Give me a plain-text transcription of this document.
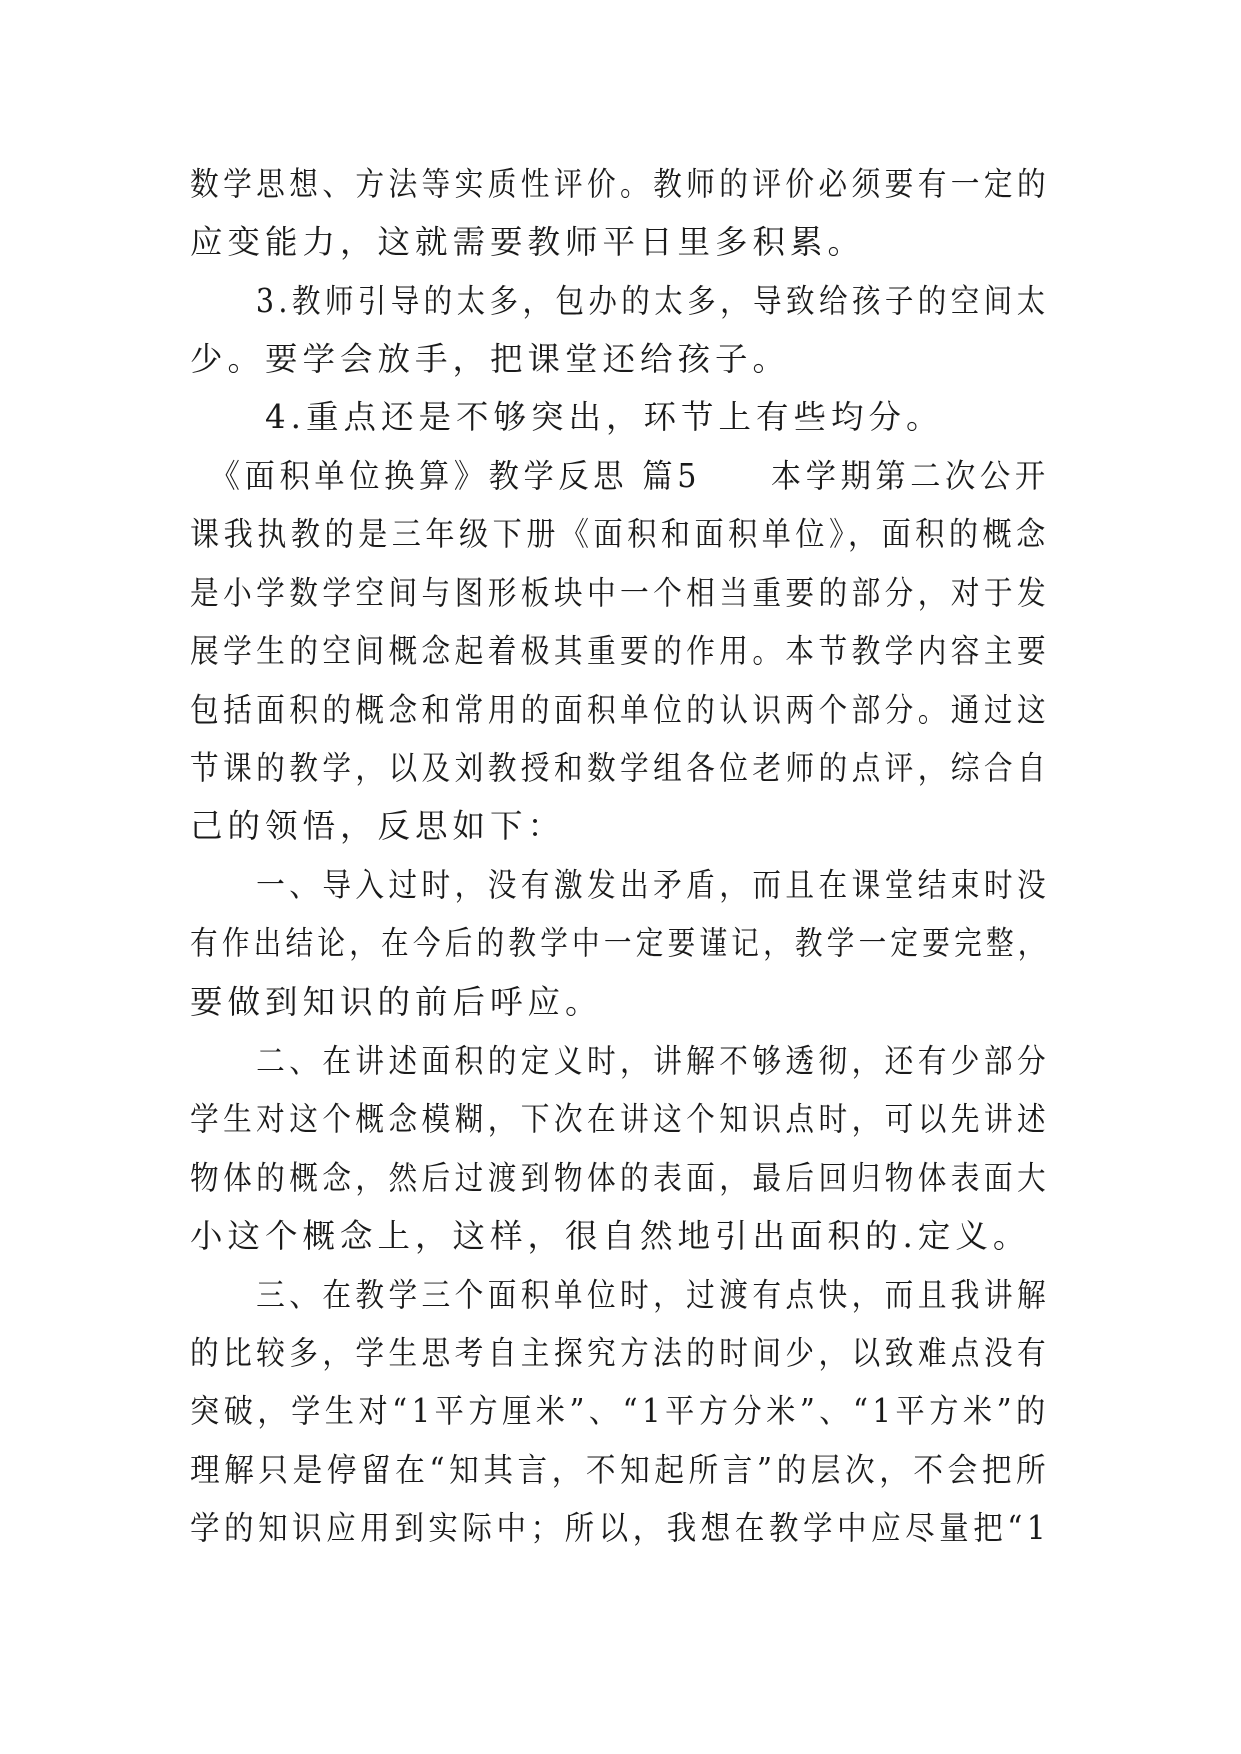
数学思想、方法等实质性评价。教师的评价必须要有一定的
应变能力，这就需要教师平日里多积累。
　　3.教师引导的太多，包办的太多，导致给孩子的空间太
少。要学会放手，把课堂还给孩子。
　　4.重点还是不够突出，环节上有些均分。
　《面积单位换算》教学反思 篇5　　本学期第二次公开
课我执教的是三年级下册《面积和面积单位》，面积的概念
是小学数学空间与图形板块中一个相当重要的部分，对于发
展学生的空间概念起着极其重要的作用。本节教学内容主要
包括面积的概念和常用的面积单位的认识两个部分。通过这
节课的教学，以及刘教授和数学组各位老师的点评，综合自
己的领悟，反思如下：
　　一、导入过时，没有激发出矛盾，而且在课堂结束时没
有作出结论，在今后的教学中一定要谨记，教学一定要完整，
要做到知识的前后呼应。
　　二、在讲述面积的定义时，讲解不够透彻，还有少部分
学生对这个概念模糊，下次在讲这个知识点时，可以先讲述
物体的概念，然后过渡到物体的表面，最后回归物体表面大
小这个概念上，这样，很自然地引出面积的.定义。
　　三、在教学三个面积单位时，过渡有点快，而且我讲解
的比较多，学生思考自主探究方法的时间少，以致难点没有
突破，学生对“1平方厘米”、“1平方分米”、“1平方米”的
理解只是停留在“知其言，不知起所言”的层次，不会把所
学的知识应用到实际中；所以，我想在教学中应尽量把“1
